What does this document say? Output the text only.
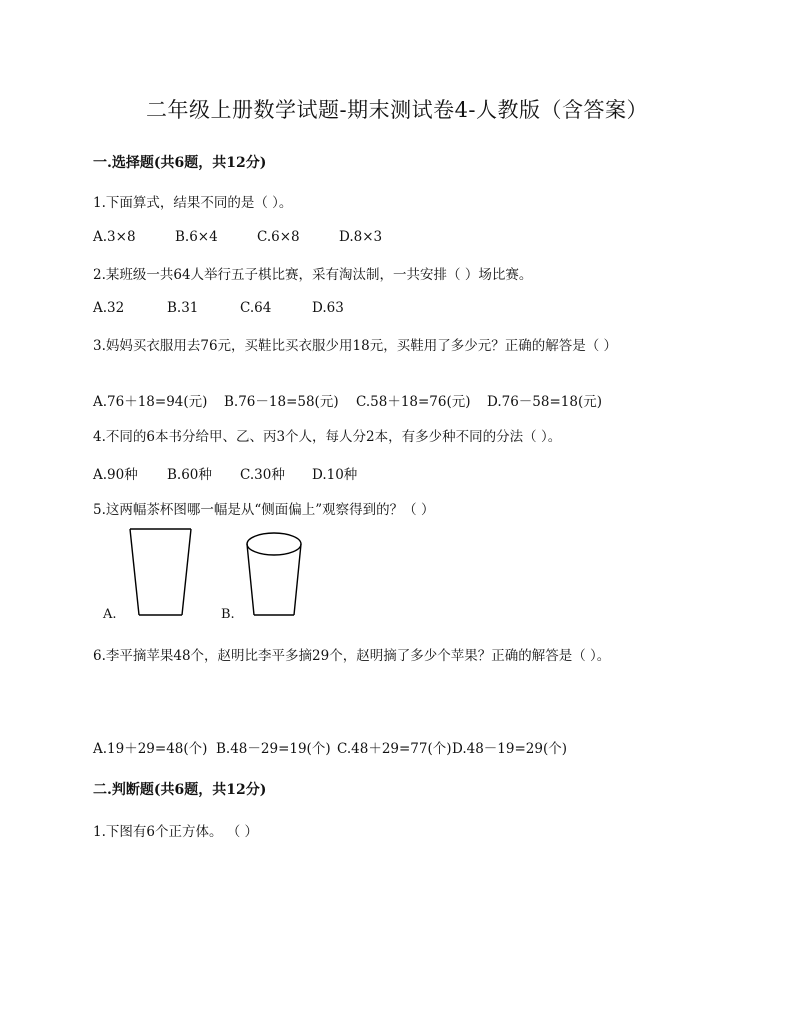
二年级上册数学试题-期末测试卷4-人教版（含答案）
一.选择题(共6题，共12分)
1.下面算式，结果不同的是（ ）。
A.3×8	B.6×4	C.6×8	D.8×3
2.某班级一共64人举行五子棋比赛，采有淘汰制，一共安排（ ）场比赛。
A.32	B.31	C.64	D.63
3.妈妈买衣服用去76元，买鞋比买衣服少用18元，买鞋用了多少元？正确的解答是（ ）
A.76＋18=94(元) B.76－18=58(元) C.58＋18=76(元) D.76－58=18(元)
4.不同的6本书分给甲、乙、丙3个人，每人分2本，有多少种不同的分法（ ）。
A.90种 B.60种 C.30种 D.10种
5.这两幅茶杯图哪一幅是从“侧面偏上”观察得到的？（ ）
A.	B.
6.李平摘苹果48个，赵明比李平多摘29个，赵明摘了多少个苹果？正确的解答是（ ）。
A.19＋29=48(个) B.48－29=19(个) C.48＋29=77(个) D.48－19=29(个)
二.判断题(共6题，共12分)
1.下图有6个正方体。 （ ）
